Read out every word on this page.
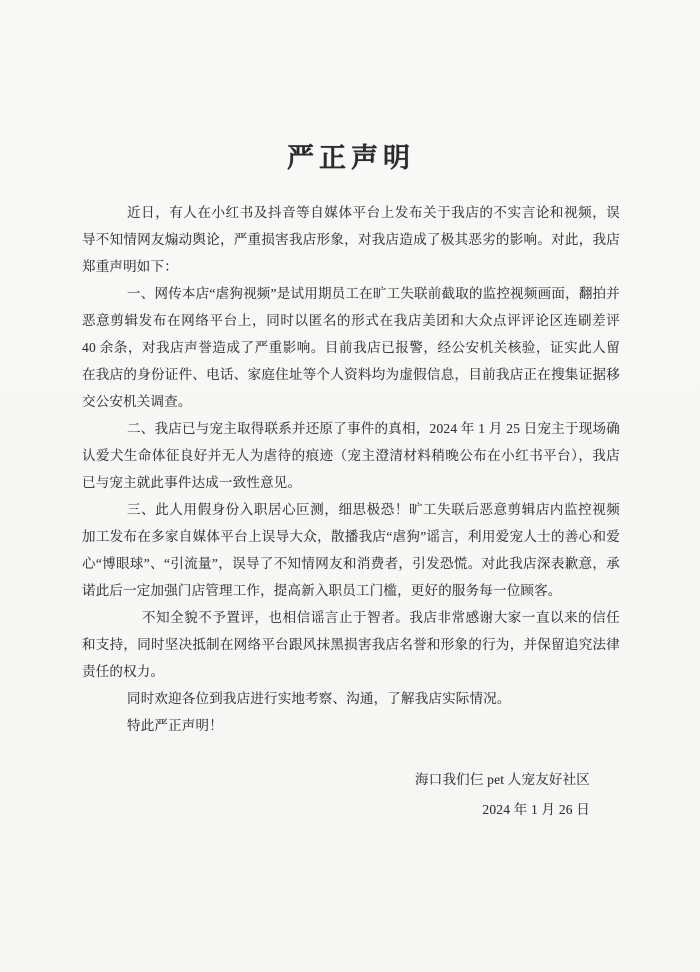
严正声明

近日，有人在小红书及抖音等自媒体平台上发布关于我店的不实言论和视频，误导不知情网友煽动舆论，严重损害我店形象，对我店造成了极其恶劣的影响。对此，我店郑重声明如下：

一、网传本店“虐狗视频”是试用期员工在旷工失联前截取的监控视频画面，翻拍并恶意剪辑发布在网络平台上，同时以匿名的形式在我店美团和大众点评评论区连刷差评 40 余条，对我店声誉造成了严重影响。目前我店已报警，经公安机关核验，证实此人留在我店的身份证件、电话、家庭住址等个人资料均为虚假信息，目前我店正在搜集证据移交公安机关调查。

二、我店已与宠主取得联系并还原了事件的真相，2024 年 1 月 25 日宠主于现场确认爱犬生命体征良好并无人为虐待的痕迹（宠主澄清材料稍晚公布在小红书平台），我店已与宠主就此事件达成一致性意见。

三、此人用假身份入职居心叵测，细思极恐！旷工失联后恶意剪辑店内监控视频加工发布在多家自媒体平台上误导大众，散播我店“虐狗”谣言，利用爱宠人士的善心和爱心“博眼球”、“引流量”，误导了不知情网友和消费者，引发恐慌。对此我店深表歉意，承诺此后一定加强门店管理工作，提高新入职员工门槛，更好的服务每一位顾客。

不知全貌不予置评，也相信谣言止于智者。我店非常感谢大家一直以来的信任和支持，同时坚决抵制在网络平台跟风抹黑损害我店名誉和形象的行为，并保留追究法律责任的权力。

同时欢迎各位到我店进行实地考察、沟通，了解我店实际情况。

特此严正声明！

海口我们仨 pet 人宠友好社区

2024 年 1 月 26 日
